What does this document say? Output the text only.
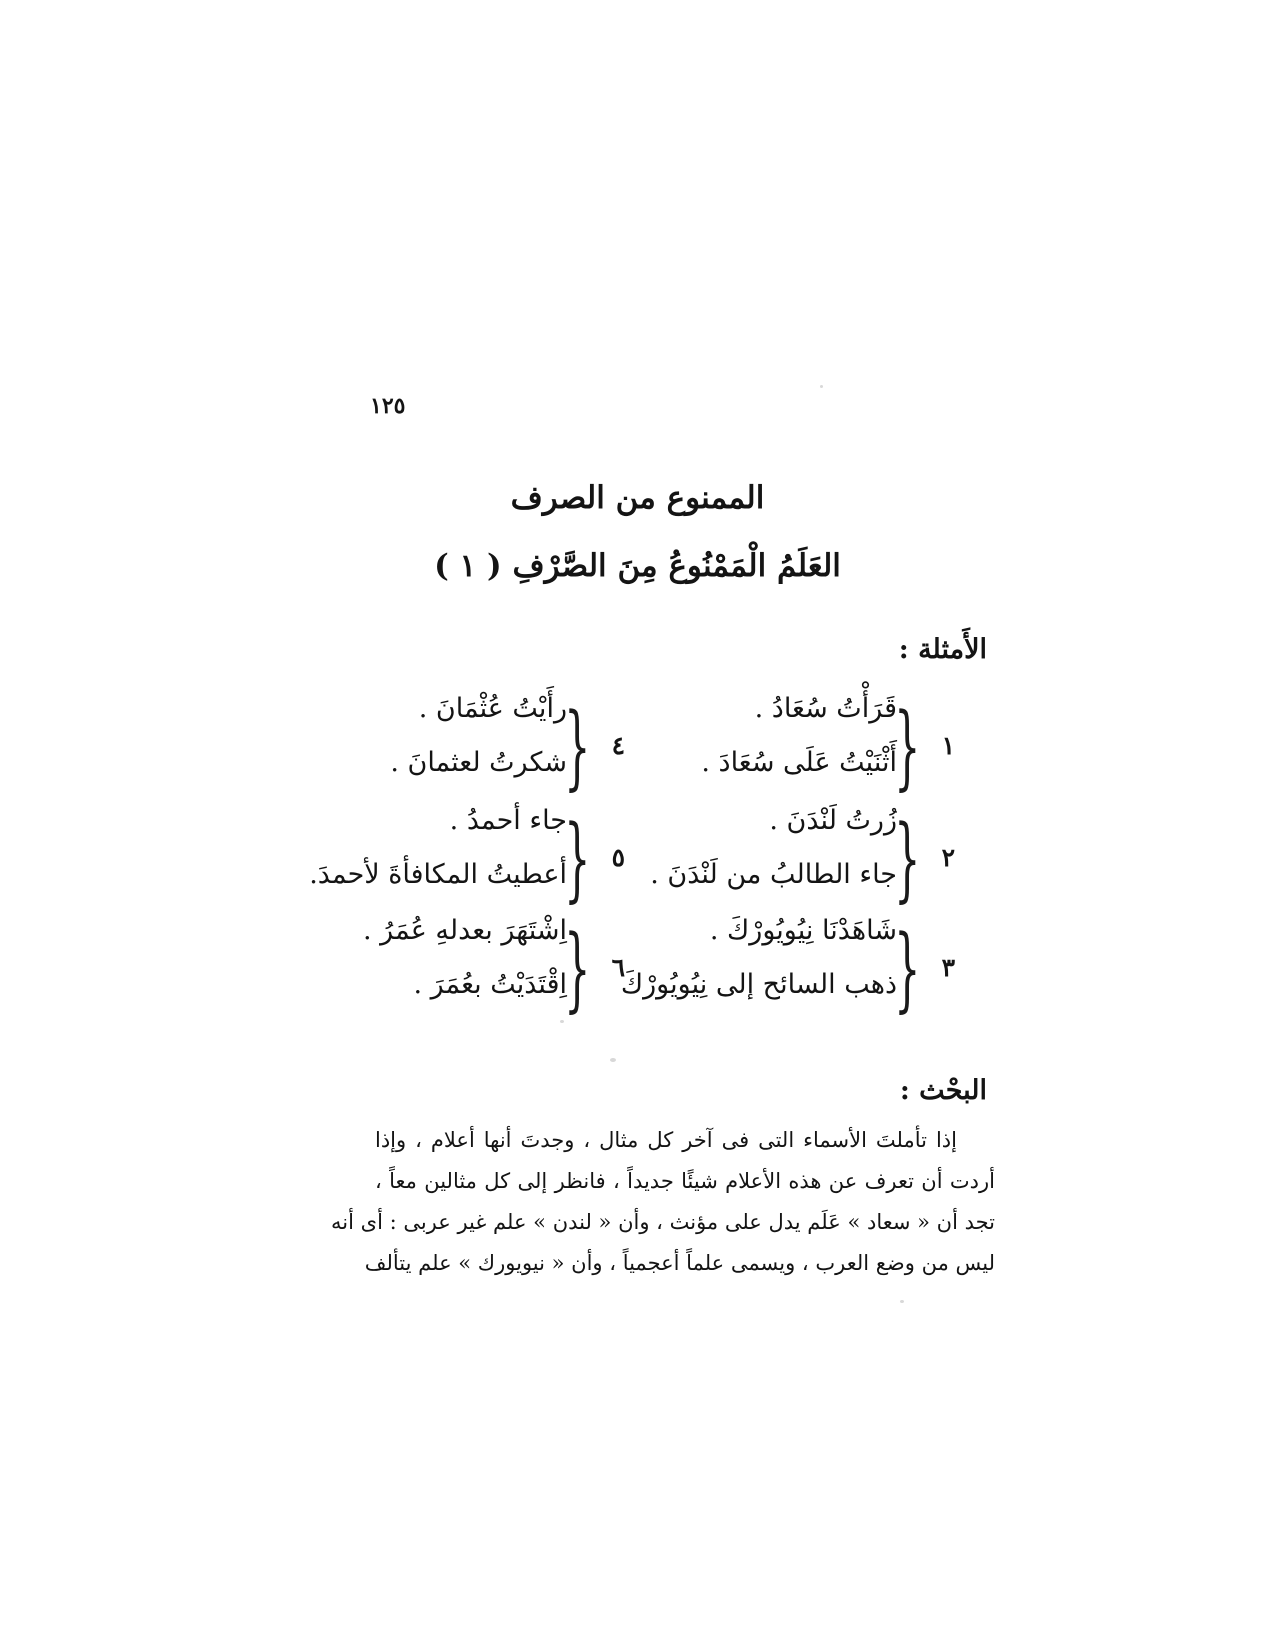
١٢٥
الممنوع من الصرف
( ١ ) العَلَمُ الْمَمْنُوعُ مِنَ الصَّرْفِ
الأَمثلة :
١
{
قَرَأْتُ سُعَادُ .
أَثْنَيْتُ عَلَى سُعَادَ .
٢
{
زُرتُ لَنْدَنَ .
جاء الطالبُ من لَنْدَنَ .
٣
{
شَاهَدْنَا نِيُويُورْكَ .
ذهب السائح إلى نِيُويُورْكَ
٤
{
رأَيْتُ عُثْمَانَ .
شكرتُ لعثمانَ .
٥
{
جاء أحمدُ .
أعطيتُ المكافأةَ لأحمدَ.
٦
{
اِشْتَهَرَ بعدلهِ عُمَرُ .
اِقْتَدَيْتُ بعُمَرَ .
البحْث :
إذا تأملتَ الأسماء التى فى آخر كل مثال ، وجدتَ أنها أعلام ، وإذا
أردت أن تعرف عن هذه الأعلام شيئًا جديداً ، فانظر إلى كل مثالين معاً ،
تجد أن « سعاد » عَلَم يدل على مؤنث ، وأن « لندن » علم غير عربى : أى أنه
ليس من وضع العرب ، ويسمى علماً أعجمياً ، وأن « نيويورك » علم يتألف
